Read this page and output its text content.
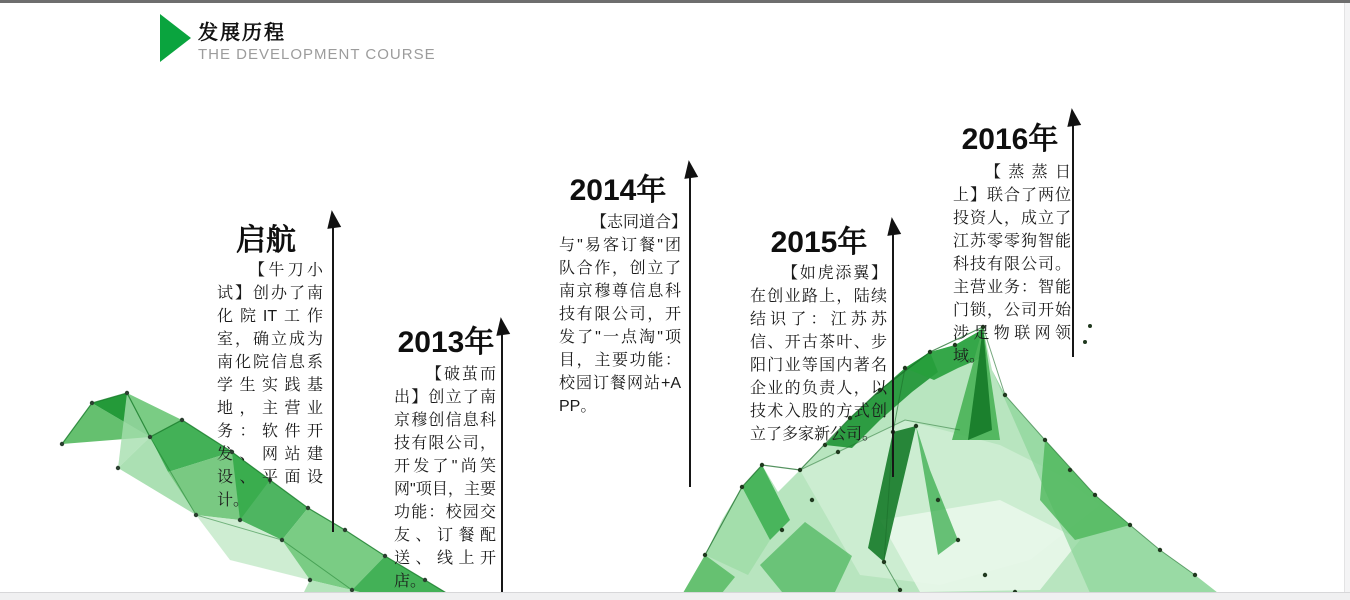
发展历程
THE DEVELOPMENT COURSE
启航

【牛刀小试】创办了南化院IT工作室，确立成为南化院信息系学生实践基地，主营业务：软件开发、网站建设、平面设计。

2013年

【破茧而出】创立了南京穆创信息科技有限公司，开发了"尚笑网"项目，主要功能：校园交友、订餐配送、线上开店。

2014年

【志同道合】与"易客订餐"团队合作，创立了南京穆尊信息科技有限公司，开发了"一点淘"项目，主要功能：校园订餐网站+APP。

2015年

【如虎添翼】在创业路上，陆续结识了：江苏苏信、开古茶叶、步阳门业等国内著名企业的负责人，以技术入股的方式创立了多家新公司。

2016年

【蒸蒸日上】联合了两位投资人，成立了江苏零零狗智能科技有限公司。主营业务：智能门锁，公司开始涉足物联网领域。
